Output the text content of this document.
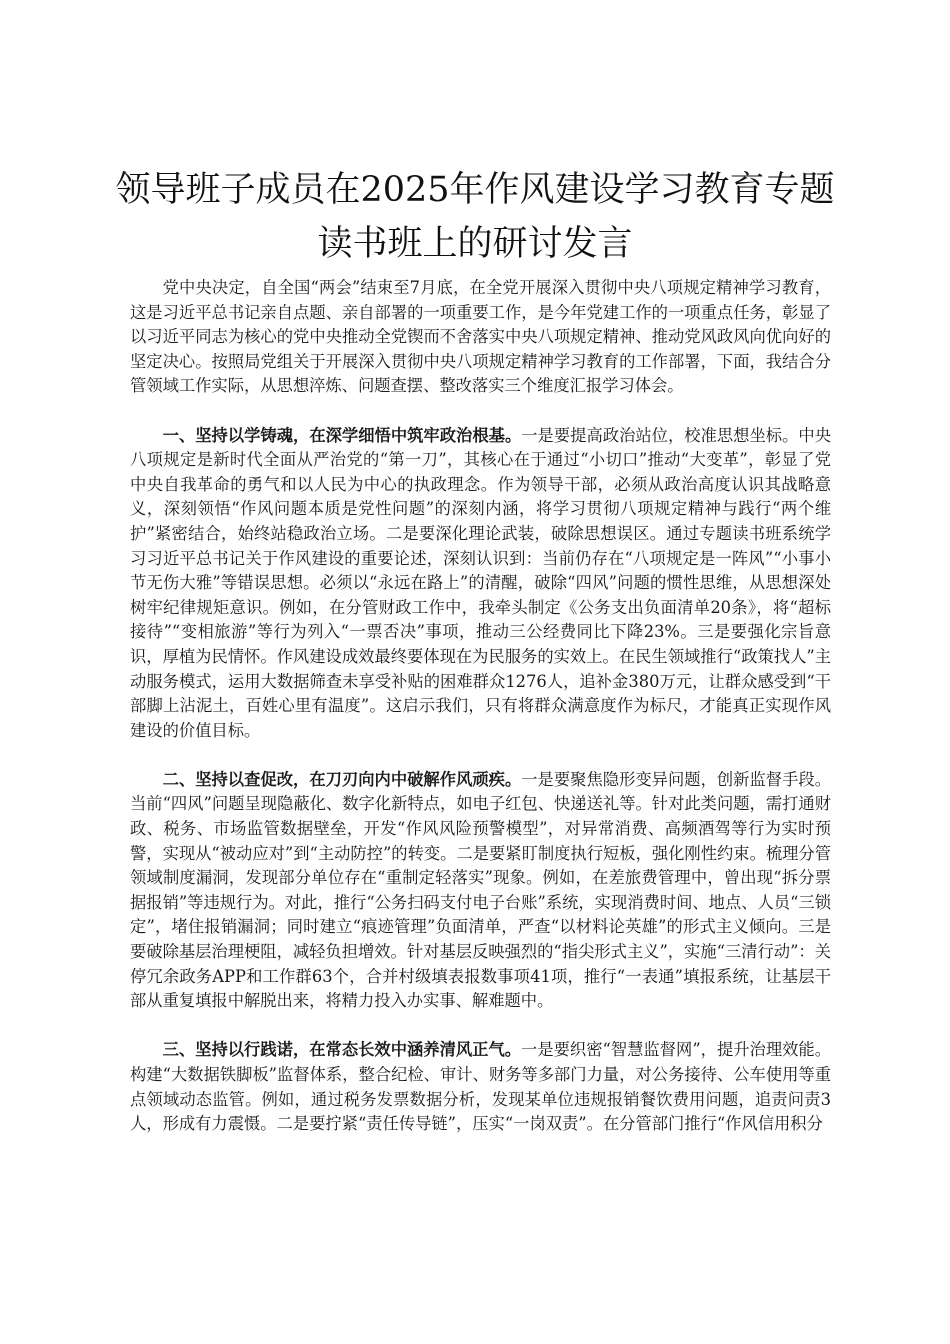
领导班子成员在2025年作风建设学习教育专题读书班上的研讨发言

党中央决定，自全国“两会”结束至7月底，在全党开展深入贯彻中央八项规定精神学习教育，这是习近平总书记亲自点题、亲自部署的一项重要工作，是今年党建工作的一项重点任务，彰显了以习近平同志为核心的党中央推动全党锲而不舍落实中央八项规定精神、推动党风政风向优向好的坚定决心。按照局党组关于开展深入贯彻中央八项规定精神学习教育的工作部署，下面，我结合分管领域工作实际，从思想淬炼、问题查摆、整改落实三个维度汇报学习体会。

一、坚持以学铸魂，在深学细悟中筑牢政治根基。一是要提高政治站位，校准思想坐标。中央八项规定是新时代全面从严治党的“第一刀”，其核心在于通过“小切口”推动“大变革”，彰显了党中央自我革命的勇气和以人民为中心的执政理念。作为领导干部，必须从政治高度认识其战略意义，深刻领悟“作风问题本质是党性问题”的深刻内涵，将学习贯彻八项规定精神与践行“两个维护”紧密结合，始终站稳政治立场。二是要深化理论武装，破除思想误区。通过专题读书班系统学习习近平总书记关于作风建设的重要论述，深刻认识到：当前仍存在“八项规定是一阵风”“小事小节无伤大雅”等错误思想。必须以“永远在路上”的清醒，破除“四风”问题的惯性思维，从思想深处树牢纪律规矩意识。例如，在分管财政工作中，我牵头制定《公务支出负面清单20条》，将“超标接待”“变相旅游”等行为列入“一票否决”事项，推动三公经费同比下降23%。三是要强化宗旨意识，厚植为民情怀。作风建设成效最终要体现在为民服务的实效上。在民生领域推行“政策找人”主动服务模式，运用大数据筛查未享受补贴的困难群众1276人，追补金380万元，让群众感受到“干部脚上沾泥土，百姓心里有温度”。这启示我们，只有将群众满意度作为标尺，才能真正实现作风建设的价值目标。

二、坚持以查促改，在刀刃向内中破解作风顽疾。一是要聚焦隐形变异问题，创新监督手段。当前“四风”问题呈现隐蔽化、数字化新特点，如电子红包、快递送礼等。针对此类问题，需打通财政、税务、市场监管数据壁垒，开发“作风风险预警模型”，对异常消费、高频酒驾等行为实时预警，实现从“被动应对”到“主动防控”的转变。二是要紧盯制度执行短板，强化刚性约束。梳理分管领域制度漏洞，发现部分单位存在“重制定轻落实”现象。例如，在差旅费管理中，曾出现“拆分票据报销”等违规行为。对此，推行“公务扫码支付电子台账”系统，实现消费时间、地点、人员“三锁定”，堵住报销漏洞；同时建立“痕迹管理”负面清单，严查“以材料论英雄”的形式主义倾向。三是要破除基层治理梗阻，减轻负担增效。针对基层反映强烈的“指尖形式主义”，实施“三清行动”：关停冗余政务APP和工作群63个，合并村级填表报数事项41项，推行“一表通”填报系统，让基层干部从重复填报中解脱出来，将精力投入办实事、解难题中。

三、坚持以行践诺，在常态长效中涵养清风正气。一是要织密“智慧监督网”，提升治理效能。构建“大数据铁脚板”监督体系，整合纪检、审计、财务等多部门力量，对公务接待、公车使用等重点领域动态监管。例如，通过税务发票数据分析，发现某单位违规报销餐饮费用问题，追责问责3人，形成有力震慑。二是要拧紧“责任传导链”，压实“一岗双责”。在分管部门推行“作风信用积分
